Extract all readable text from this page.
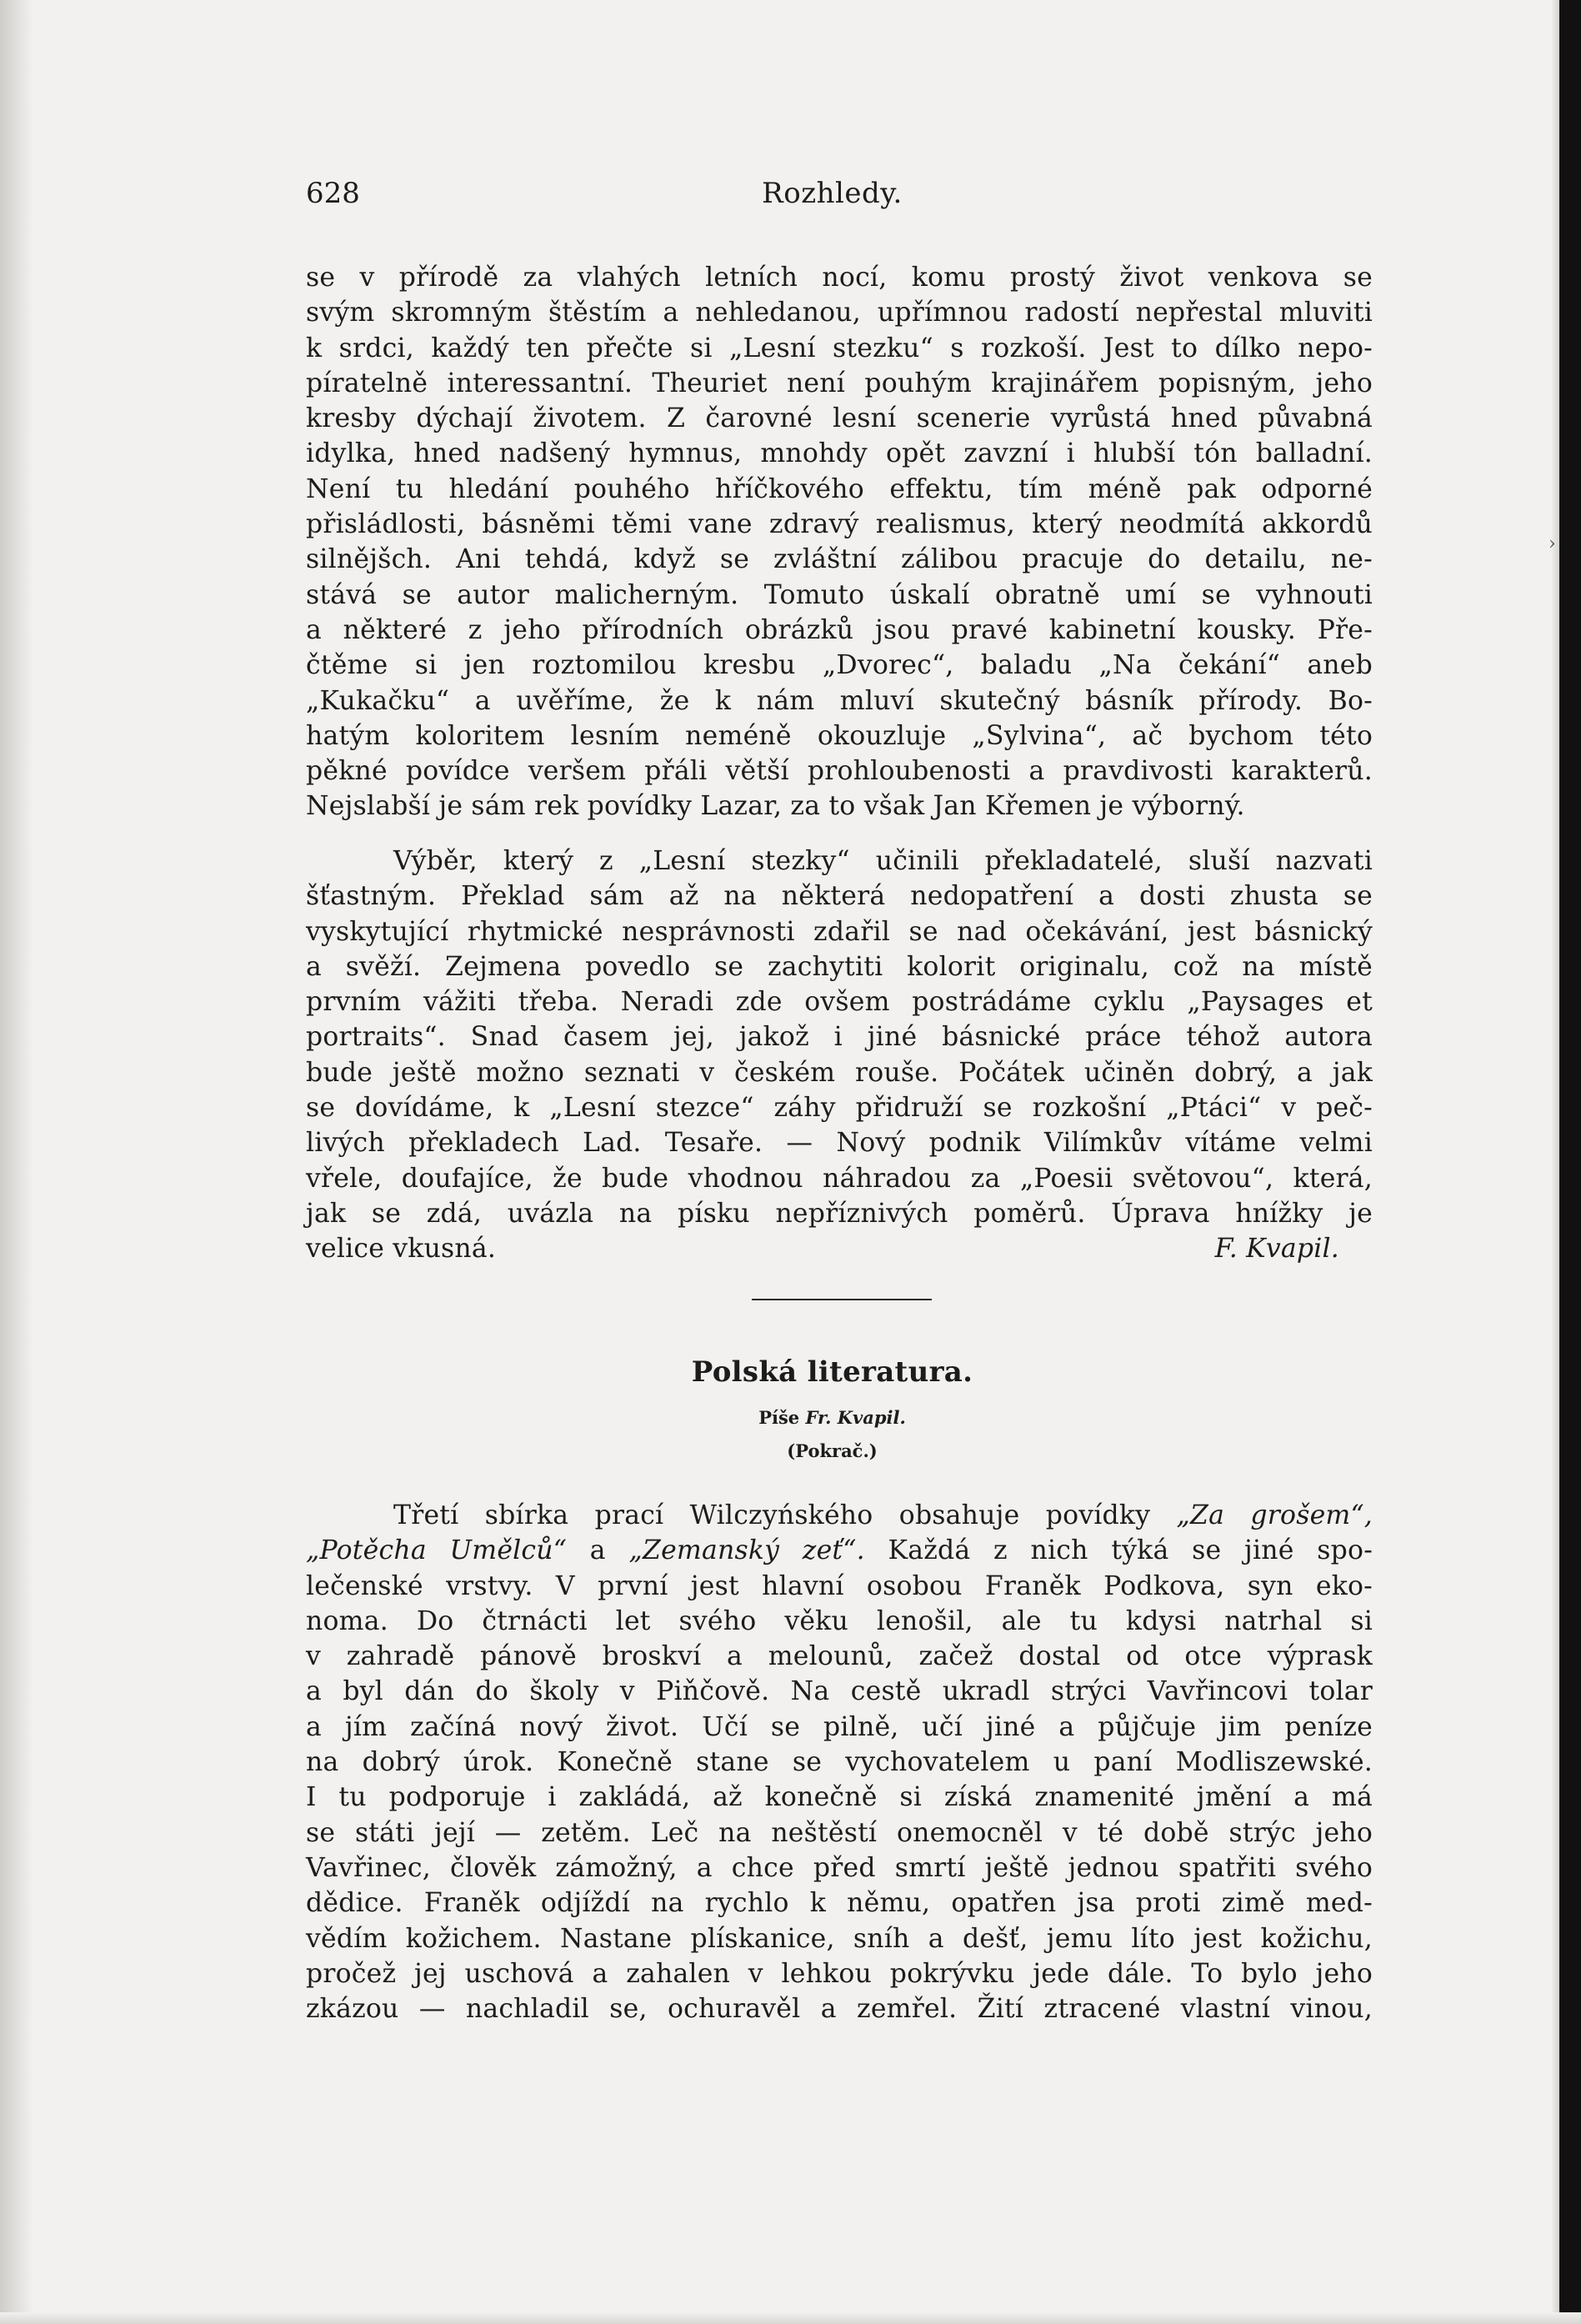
›
628	Rozhledy.

se v přírodě za vlahých letních nocí, komu prostý život venkova se
svým skromným štěstím a nehledanou, upřímnou radostí nepřestal mluviti
k srdci, každý ten přečte si „Lesní stezku“ s rozkoší. Jest to dílko nepo-
píratelně interessantní. Theuriet není pouhým krajinářem popisným, jeho
kresby dýchají životem. Z čarovné lesní scenerie vyrůstá hned půvabná
idylka, hned nadšený hymnus, mnohdy opět zavzní i hlubší tón balladní.
Není tu hledání pouhého hříčkového effektu, tím méně pak odporné
přisládlosti, básněmi těmi vane zdravý realismus, který neodmítá akkordů
silnějšch. Ani tehdá, když se zvláštní zálibou pracuje do detailu, ne-
stává se autor malicherným. Tomuto úskalí obratně umí se vyhnouti
a některé z jeho přírodních obrázků jsou pravé kabinetní kousky. Pře-
čtěme si jen roztomilou kresbu „Dvorec“, baladu „Na čekání“ aneb
„Kukačku“ a uvěříme, že k nám mluví skutečný básník přírody. Bo-
hatým koloritem lesním neméně okouzluje „Sylvina“, ač bychom této
pěkné povídce veršem přáli větší prohloubenosti a pravdivosti karakterů.
Nejslabší je sám rek povídky Lazar, za to však Jan Křemen je výborný.

Výběr, který z „Lesní stezky“ učinili překladatelé, sluší nazvati
šťastným. Překlad sám až na některá nedopatření a dosti zhusta se
vyskytující rhytmické nesprávnosti zdařil se nad očekávání, jest básnický
a svěží. Zejmena povedlo se zachytiti kolorit originalu, což na místě
prvním vážiti třeba. Neradi zde ovšem postrádáme cyklu „Paysages et
portraits“. Snad časem jej, jakož i jiné básnické práce téhož autora
bude ještě možno seznati v českém rouše. Počátek učiněn dobrý, a jak
se dovídáme, k „Lesní stezce“ záhy přidruží se rozkošní „Ptáci“ v peč-
livých překladech Lad. Tesaře. — Nový podnik Vilímkův vítáme velmi
vřele, doufajíce, že bude vhodnou náhradou za „Poesii světovou“, která,
jak se zdá, uvázla na písku nepříznivých poměrů. Úprava hnížky je
velice vkusná.	F. Kvapil.

Polská literatura.
Píše Fr. Kvapil.
(Pokrač.)

Třetí sbírka prací Wilczyńského obsahuje povídky „Za grošem“,
„Potěcha Umělců“ a „Zemanský zeť“. Každá z nich týká se jiné spo-
lečenské vrstvy. V první jest hlavní osobou Franěk Podkova, syn eko-
noma. Do čtrnácti let svého věku lenošil, ale tu kdysi natrhal si
v zahradě pánově broskví a melounů, začež dostal od otce výprask
a byl dán do školy v Piňčově. Na cestě ukradl strýci Vavřincovi tolar
a jím začíná nový život. Učí se pilně, učí jiné a půjčuje jim peníze
na dobrý úrok. Konečně stane se vychovatelem u paní Modliszewské.
I tu podporuje i zakládá, až konečně si získá znamenité jmění a má
se státi její — zetěm. Leč na neštěstí onemocněl v té době strýc jeho
Vavřinec, člověk zámožný, a chce před smrtí ještě jednou spatřiti svého
dědice. Franěk odjíždí na rychlo k němu, opatřen jsa proti zimě med-
vědím kožichem. Nastane plískanice, sníh a dešť, jemu líto jest kožichu,
pročež jej uschová a zahalen v lehkou pokrývku jede dále. To bylo jeho
zkázou — nachladil se, ochuravěl a zemřel. Žití ztracené vlastní vinou,
